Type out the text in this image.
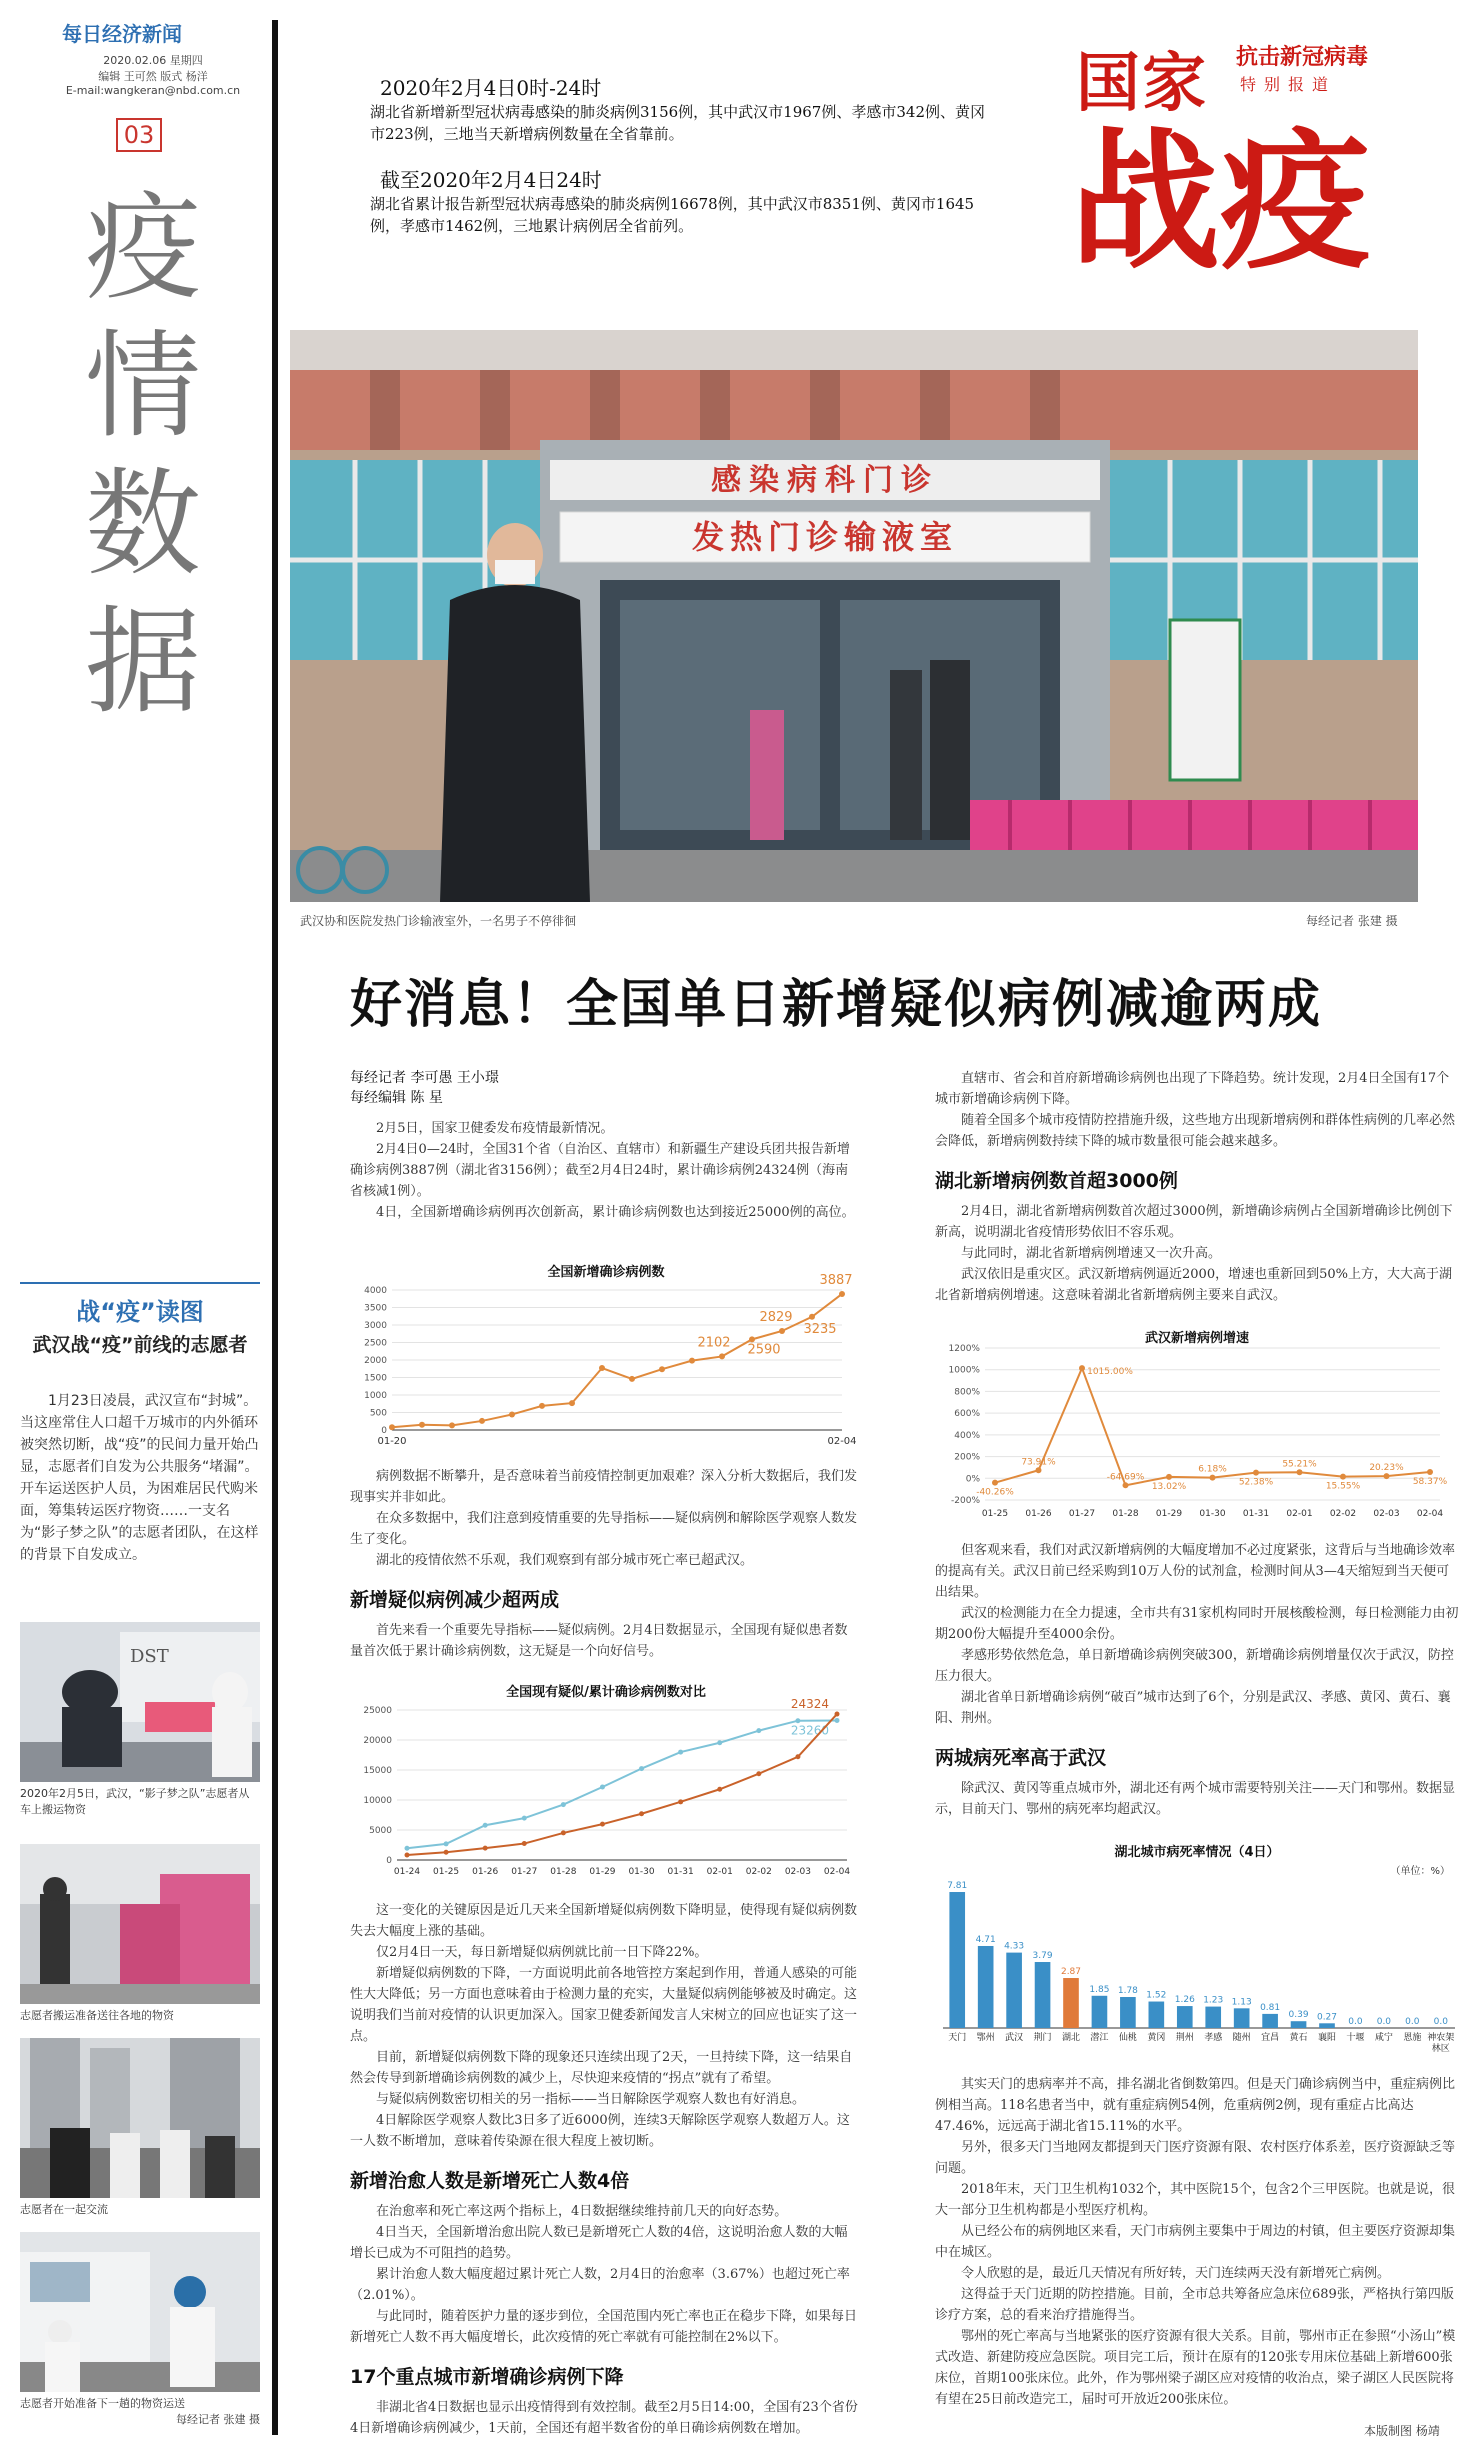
每日经济新闻
2020.02.06 星期四
编辑 王可然 版式 杨洋
E-mail:wangkeran@nbd.com.cn
03
疫情数据
战“疫”读图
武汉战“疫”前线的志愿者
1月23日凌晨，武汉宣布“封城”。当这座常住人口超千万城市的内外循环被突然切断，战“疫”的民间力量开始凸显，志愿者们自发为公共服务“堵漏”。开车运送医护人员，为困难居民代购米面，筹集转运医疗物资……一支名为“影子梦之队”的志愿者团队，在这样的背景下自发成立。
DST
2020年2月5日，武汉，“影子梦之队”志愿者从车上搬运物资
志愿者搬运准备送往各地的物资
志愿者在一起交流
志愿者开始准备下一趟的物资运送
每经记者 张建 摄
2020年2月4日0时-24时

湖北省新增新型冠状病毒感染的肺炎病例3156例，其中武汉市1967例、孝感市342例、黄冈市223例，三地当天新增病例数量在全省靠前。

截至2020年2月4日24时

湖北省累计报告新型冠状病毒感染的肺炎病例16678例，其中武汉市8351例、黄冈市1645例，孝感市1462例，三地累计病例居全省前列。

国家 抗击新冠病毒
特别报道
战疫
感染病科门诊
发热门诊输液室
武汉协和医院发热门诊输液室外，一名男子不停徘徊	每经记者 张建 摄
好消息！全国单日新增疑似病例减逾两成
每经记者 李可愚 王小璟
每经编辑 陈 星

2月5日，国家卫健委发布疫情最新情况。

2月4日0—24时，全国31个省（自治区、直辖市）和新疆生产建设兵团共报告新增确诊病例3887例（湖北省3156例）；截至2月4日24时，累计确诊病例24324例（海南省核减1例）。

4日，全国新增确诊病例再次创新高，累计确诊病例数也达到接近25000例的高位。

全国新增确诊病例数
0
500
1000
1500
2000
2500
3000
3500
4000
01-20	02-04
2102 2590
2829
3235
3887

病例数据不断攀升，是否意味着当前疫情控制更加艰难？深入分析大数据后，我们发现事实并非如此。

在众多数据中，我们注意到疫情重要的先导指标——疑似病例和解除医学观察人数发生了变化。

湖北的疫情依然不乐观，我们观察到有部分城市死亡率已超武汉。

新增疑似病例减少超两成

首先来看一个重要先导指标——疑似病例。2月4日数据显示，全国现有疑似患者数量首次低于累计确诊病例数，这无疑是一个向好信号。

全国现有疑似/累计确诊病例数对比
0
5000
10000
15000
20000
25000
01-24 01-25 01-26 01-27 01-28 01-29 01-30 01-31 02-01 02-02 02-03 02-04
23260
24324

这一变化的关键原因是近几天来全国新增疑似病例数下降明显，使得现有疑似病例数失去大幅度上涨的基础。

仅2月4日一天，每日新增疑似病例就比前一日下降22%。

新增疑似病例数的下降，一方面说明此前各地管控方案起到作用，普通人感染的可能性大大降低；另一方面也意味着由于检测力量的充实，大量疑似病例能够被及时确定。这说明我们当前对疫情的认识更加深入。国家卫健委新闻发言人宋树立的回应也证实了这一点。

目前，新增疑似病例数下降的现象还只连续出现了2天，一旦持续下降，这一结果自然会传导到新增确诊病例数的减少上，尽快迎来疫情的“拐点”就有了希望。

与疑似病例数密切相关的另一指标——当日解除医学观察人数也有好消息。

4日解除医学观察人数比3日多了近6000例，连续3天解除医学观察人数超万人。这一人数不断增加，意味着传染源在很大程度上被切断。

新增治愈人数是新增死亡人数4倍

在治愈率和死亡率这两个指标上，4日数据继续维持前几天的向好态势。

4日当天，全国新增治愈出院人数已是新增死亡人数的4倍，这说明治愈人数的大幅增长已成为不可阻挡的趋势。

累计治愈人数大幅度超过累计死亡人数，2月4日的治愈率（3.67%）也超过死亡率（2.01%）。

与此同时，随着医护力量的逐步到位，全国范围内死亡率也正在稳步下降，如果每日新增死亡人数不再大幅度增长，此次疫情的死亡率就有可能控制在2%以下。

17个重点城市新增确诊病例下降

非湖北省4日数据也显示出疫情得到有效控制。截至2月5日14:00，全国有23个省份4日新增确诊病例减少，1天前，全国还有超半数省份的单日确诊病例数在增加。

直辖市、省会和首府新增确诊病例也出现了下降趋势。统计发现，2月4日全国有17个城市新增确诊病例下降。

随着全国多个城市疫情防控措施升级，这些地方出现新增病例和群体性病例的几率必然会降低，新增病例数持续下降的城市数量很可能会越来越多。

湖北新增病例数首超3000例

2月4日，湖北省新增病例数首次超过3000例，新增确诊病例占全国新增确诊比例创下新高，说明湖北省疫情形势依旧不容乐观。

与此同时，湖北省新增病例增速又一次升高。

武汉依旧是重灾区。武汉新增病例逼近2000，增速也重新回到50%上方，大大高于湖北省新增病例增速。这意味着湖北省新增病例主要来自武汉。

武汉新增病例增速
-200%
0%
200%
400%
600%
800%
1000%
1200%
01-25 01-26 01-27 01-28 01-29 01-30 01-31 02-01 02-02 02-03 02-04
-40.26%
73.91%
1015.00%
-64.69%
13.02%
6.18%
52.38%
55.21%
15.55%
20.23%
58.37%

但客观来看，我们对武汉新增病例的大幅度增加不必过度紧张，这背后与当地确诊效率的提高有关。武汉日前已经采购到10万人份的试剂盒，检测时间从3—4天缩短到当天便可出结果。

武汉的检测能力在全力提速，全市共有31家机构同时开展核酸检测，每日检测能力由初期200份大幅提升至4000余份。

孝感形势依然危急，单日新增确诊病例突破300，新增确诊病例增量仅次于武汉，防控压力很大。

湖北省单日新增确诊病例“破百”城市达到了6个，分别是武汉、孝感、黄冈、黄石、襄阳、荆州。

两城病死率高于武汉

除武汉、黄冈等重点城市外，湖北还有两个城市需要特别关注——天门和鄂州。数据显示，目前天门、鄂州的病死率均超武汉。

湖北城市病死率情况（4日）
（单位：%）
7.81
天门
4.71
鄂州
4.33
武汉
3.79
荆门
2.87
湖北
1.85
潜江
1.78
仙桃
1.52
黄冈
1.26
荆州
1.23
孝感
1.13
随州
0.81
宜昌
0.39
黄石
0.27
襄阳
0.0
十堰
0.0
咸宁
0.0
恩施
0.0
神农架
林区

其实天门的患病率并不高，排名湖北省倒数第四。但是天门确诊病例当中，重症病例比例相当高。118名患者当中，就有重症病例54例，危重病例2例，现有重症占比高达47.46%，远远高于湖北省15.11%的水平。

另外，很多天门当地网友都提到天门医疗资源有限、农村医疗体系差，医疗资源缺乏等问题。

2018年末，天门卫生机构1032个，其中医院15个，包含2个三甲医院。也就是说，很大一部分卫生机构都是小型医疗机构。

从已经公布的病例地区来看，天门市病例主要集中于周边的村镇，但主要医疗资源却集中在城区。

令人欣慰的是，最近几天情况有所好转，天门连续两天没有新增死亡病例。

这得益于天门近期的防控措施。目前，全市总共筹备应急床位689张，严格执行第四版诊疗方案，总的看来治疗措施得当。

鄂州的死亡率高与当地紧张的医疗资源有很大关系。目前，鄂州市正在参照“小汤山”模式改造、新建防疫应急医院。项目完工后，预计在原有的120张专用床位基础上新增600张床位，首期100张床位。此外，作为鄂州梁子湖区应对疫情的收治点，梁子湖区人民医院将有望在25日前改造完工，届时可开放近200张床位。

本版制图 杨靖
